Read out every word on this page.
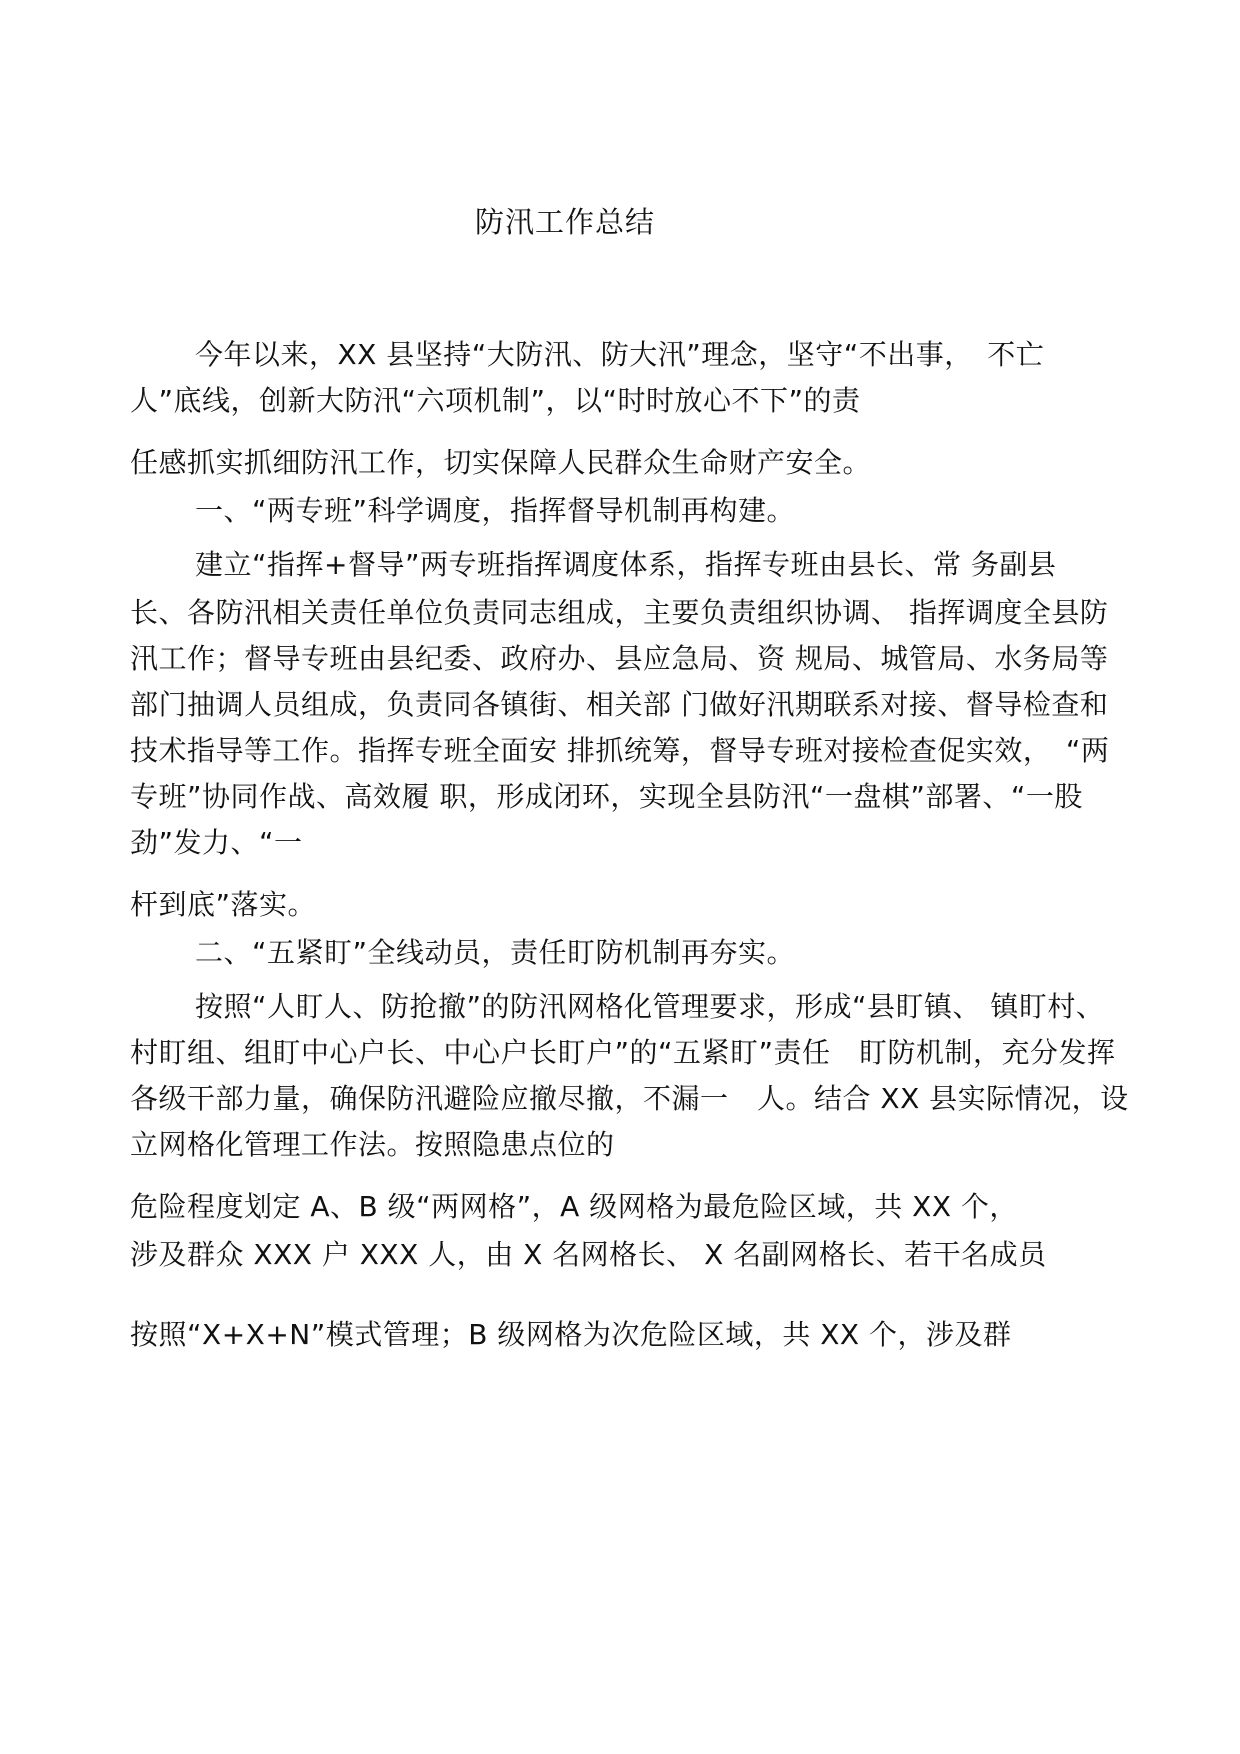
防汛工作总结
今年以来，XX 县坚持“大防汛、防大汛”理念，坚守“不出事，　不亡
人”底线，创新大防汛“六项机制”，以“时时放心不下”的责
任感抓实抓细防汛工作，切实保障人民群众生命财产安全。
一、“两专班”科学调度，指挥督导机制再构建。
建立“指挥+督导”两专班指挥调度体系，指挥专班由县长、常 务副县
长、各防汛相关责任单位负责同志组成，主要负责组织协调、 指挥调度全县防
汛工作；督导专班由县纪委、政府办、县应急局、资 规局、城管局、水务局等
部门抽调人员组成，负责同各镇街、相关部 门做好汛期联系对接、督导检查和
技术指导等工作。指挥专班全面安 排抓统筹，督导专班对接检查促实效，　“两
专班”协同作战、高效履 职，形成闭环，实现全县防汛“一盘棋”部署、“一股
劲”发力、“一
杆到底”落实。
二、“五紧盯”全线动员，责任盯防机制再夯实。
按照“人盯人、防抢撤”的防汛网格化管理要求，形成“县盯镇、 镇盯村、
村盯组、组盯中心户长、中心户长盯户”的“五紧盯”责任　盯防机制，充分发挥
各级干部力量，确保防汛避险应撤尽撤，不漏一　人。结合 XX 县实际情况，设
立网格化管理工作法。按照隐患点位的
危险程度划定 A、B 级“两网格”，A 级网格为最危险区域，共 XX 个，
涉及群众 XXX 户 XXX 人，由 X 名网格长、 X 名副网格长、若干名成员
按照“X+X+N”模式管理；B 级网格为次危险区域，共 XX 个，涉及群
